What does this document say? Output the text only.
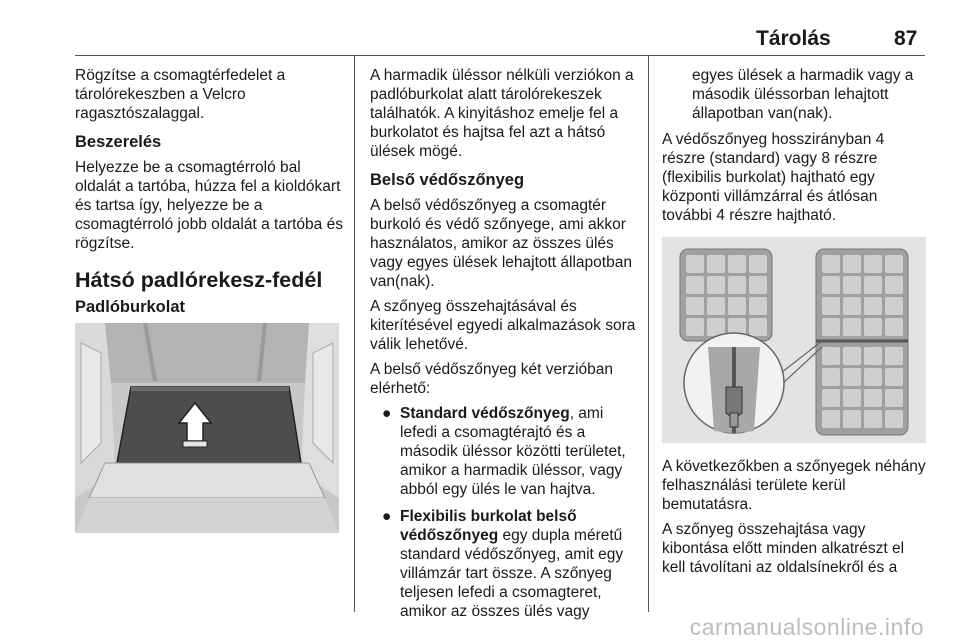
Tárolás	87

Rögzítse a csomagtérfedelet a tárolórekeszben a Velcro ragasztószalaggal.

Beszerelés

Helyezze be a csomagtérroló bal oldalát a tartóba, húzza fel a kioldókart és tartsa így, helyezze be a csomagtérroló jobb oldalát a tartóba és rögzítse.

Hátsó padlórekesz-fedél
Padlóburkolat

A harmadik üléssor nélküli verziókon a padlóburkolat alatt tárolórekeszek találhatók. A kinyitáshoz emelje fel a burkolatot és hajtsa fel azt a hátsó ülések mögé.

Belső védőszőnyeg

A belső védőszőnyeg a csomagtér burkoló és védő szőnyege, ami akkor használatos, amikor az összes ülés vagy egyes ülések lehajtott állapotban van(nak).

A szőnyeg összehajtásával és kiterítésével egyedi alkalmazások sora válik lehetővé.

A belső védőszőnyeg két verzióban elérhető:

● Standard védőszőnyeg, ami lefedi a csomagtérajtó és a második üléssor közötti területet, amikor a harmadik üléssor, vagy abból egy ülés le van hajtva.
● Flexibilis burkolat belső védőszőnyeg egy dupla méretű standard védőszőnyeg, amit egy villámzár tart össze. A szőnyeg teljesen lefedi a csomagteret, amikor az összes ülés vagy

egyes ülések a harmadik vagy a második üléssorban lehajtott állapotban van(nak).

A védőszőnyeg hosszirányban 4 részre (standard) vagy 8 részre (flexibilis burkolat) hajtható egy központi villámzárral és átlósan további 4 részre hajtható.

A következőkben a szőnyegek néhány felhasználási területe kerül bemutatásra.

A szőnyeg összehajtása vagy kibontása előtt minden alkatrészt el kell távolítani az oldalsínekről és a

carmanualsonline.info
